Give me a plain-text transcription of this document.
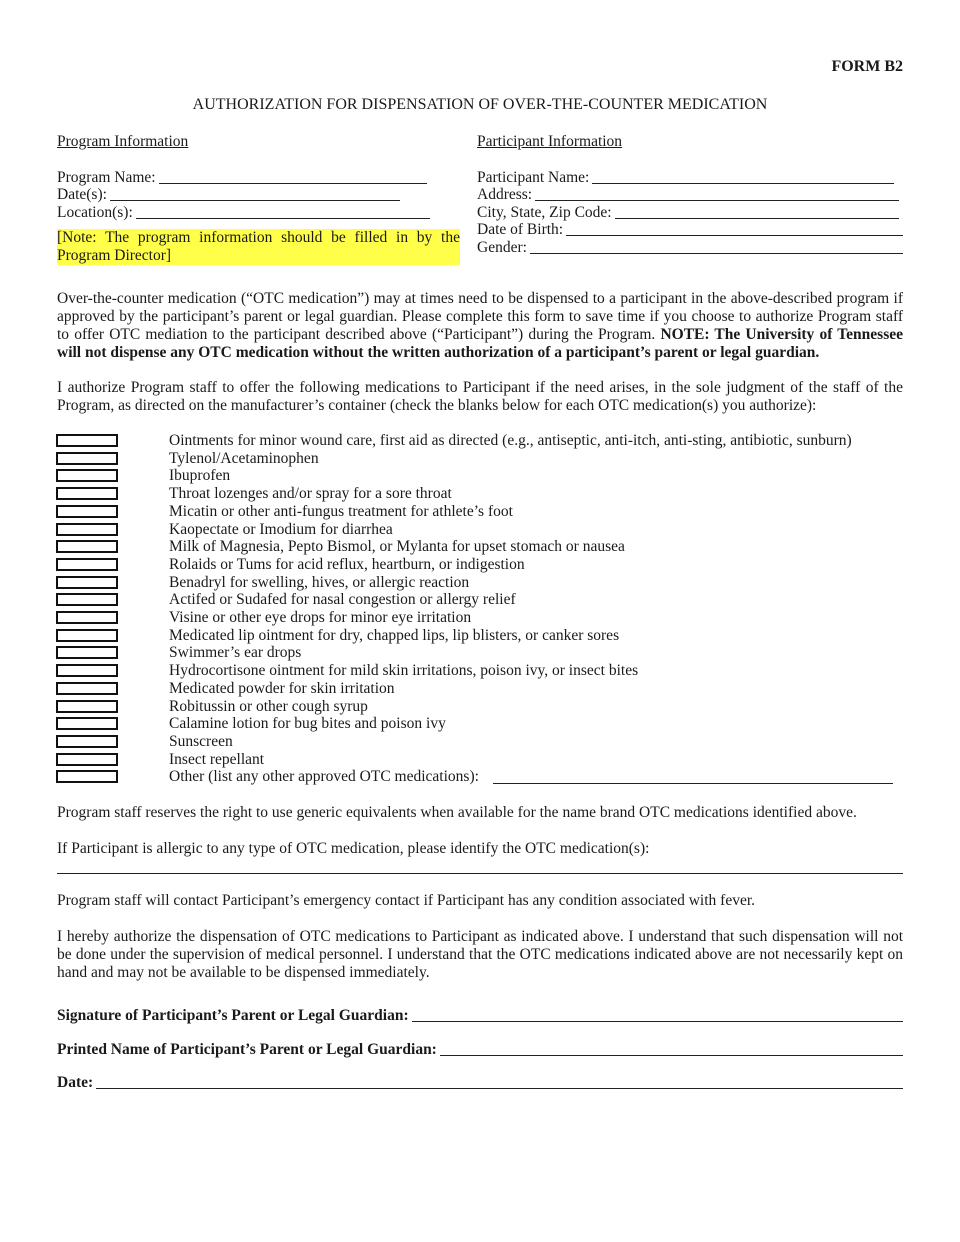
FORM B2
AUTHORIZATION FOR DISPENSATION OF OVER-THE-COUNTER MEDICATION
Program Information
Program Name:
Date(s):
Location(s):
[Note: The program information should be filled in by the Program Director]
Participant Information
Participant Name:
Address:
City, State, Zip Code:
Date of Birth:
Gender:
Over-the-counter medication (“OTC medication”) may at times need to be dispensed to a participant in the above-described program if approved by the participant’s parent or legal guardian. Please complete this form to save time if you choose to authorize Program staff to offer OTC mediation to the participant described above (“Participant”) during the Program. NOTE: The University of Tennessee will not dispense any OTC medication without the written authorization of a participant’s parent or legal guardian.
I authorize Program staff to offer the following medications to Participant if the need arises, in the sole judgment of the staff of the Program, as directed on the manufacturer’s container (check the blanks below for each OTC medication(s) you authorize):
Ointments for minor wound care, first aid as directed (e.g., antiseptic, anti-itch, anti-sting, antibiotic, sunburn)
Tylenol/Acetaminophen
Ibuprofen
Throat lozenges and/or spray for a sore throat
Micatin or other anti-fungus treatment for athlete’s foot
Kaopectate or Imodium for diarrhea
Milk of Magnesia, Pepto Bismol, or Mylanta for upset stomach or nausea
Rolaids or Tums for acid reflux, heartburn, or indigestion
Benadryl for swelling, hives, or allergic reaction
Actifed or Sudafed for nasal congestion or allergy relief
Visine or other eye drops for minor eye irritation
Medicated lip ointment for dry, chapped lips, lip blisters, or canker sores
Swimmer’s ear drops
Hydrocortisone ointment for mild skin irritations, poison ivy, or insect bites
Medicated powder for skin irritation
Robitussin or other cough syrup
Calamine lotion for bug bites and poison ivy
Sunscreen
Insect repellant
Other (list any other approved OTC medications):
Program staff reserves the right to use generic equivalents when available for the name brand OTC medications identified above.
If Participant is allergic to any type of OTC medication, please identify the OTC medication(s):
Program staff will contact Participant’s emergency contact if Participant has any condition associated with fever.
I hereby authorize the dispensation of OTC medications to Participant as indicated above. I understand that such dispensation will not be done under the supervision of medical personnel. I understand that the OTC medications indicated above are not necessarily kept on hand and may not be available to be dispensed immediately.
Signature of Participant’s Parent or Legal Guardian:
Printed Name of Participant’s Parent or Legal Guardian:
Date:
